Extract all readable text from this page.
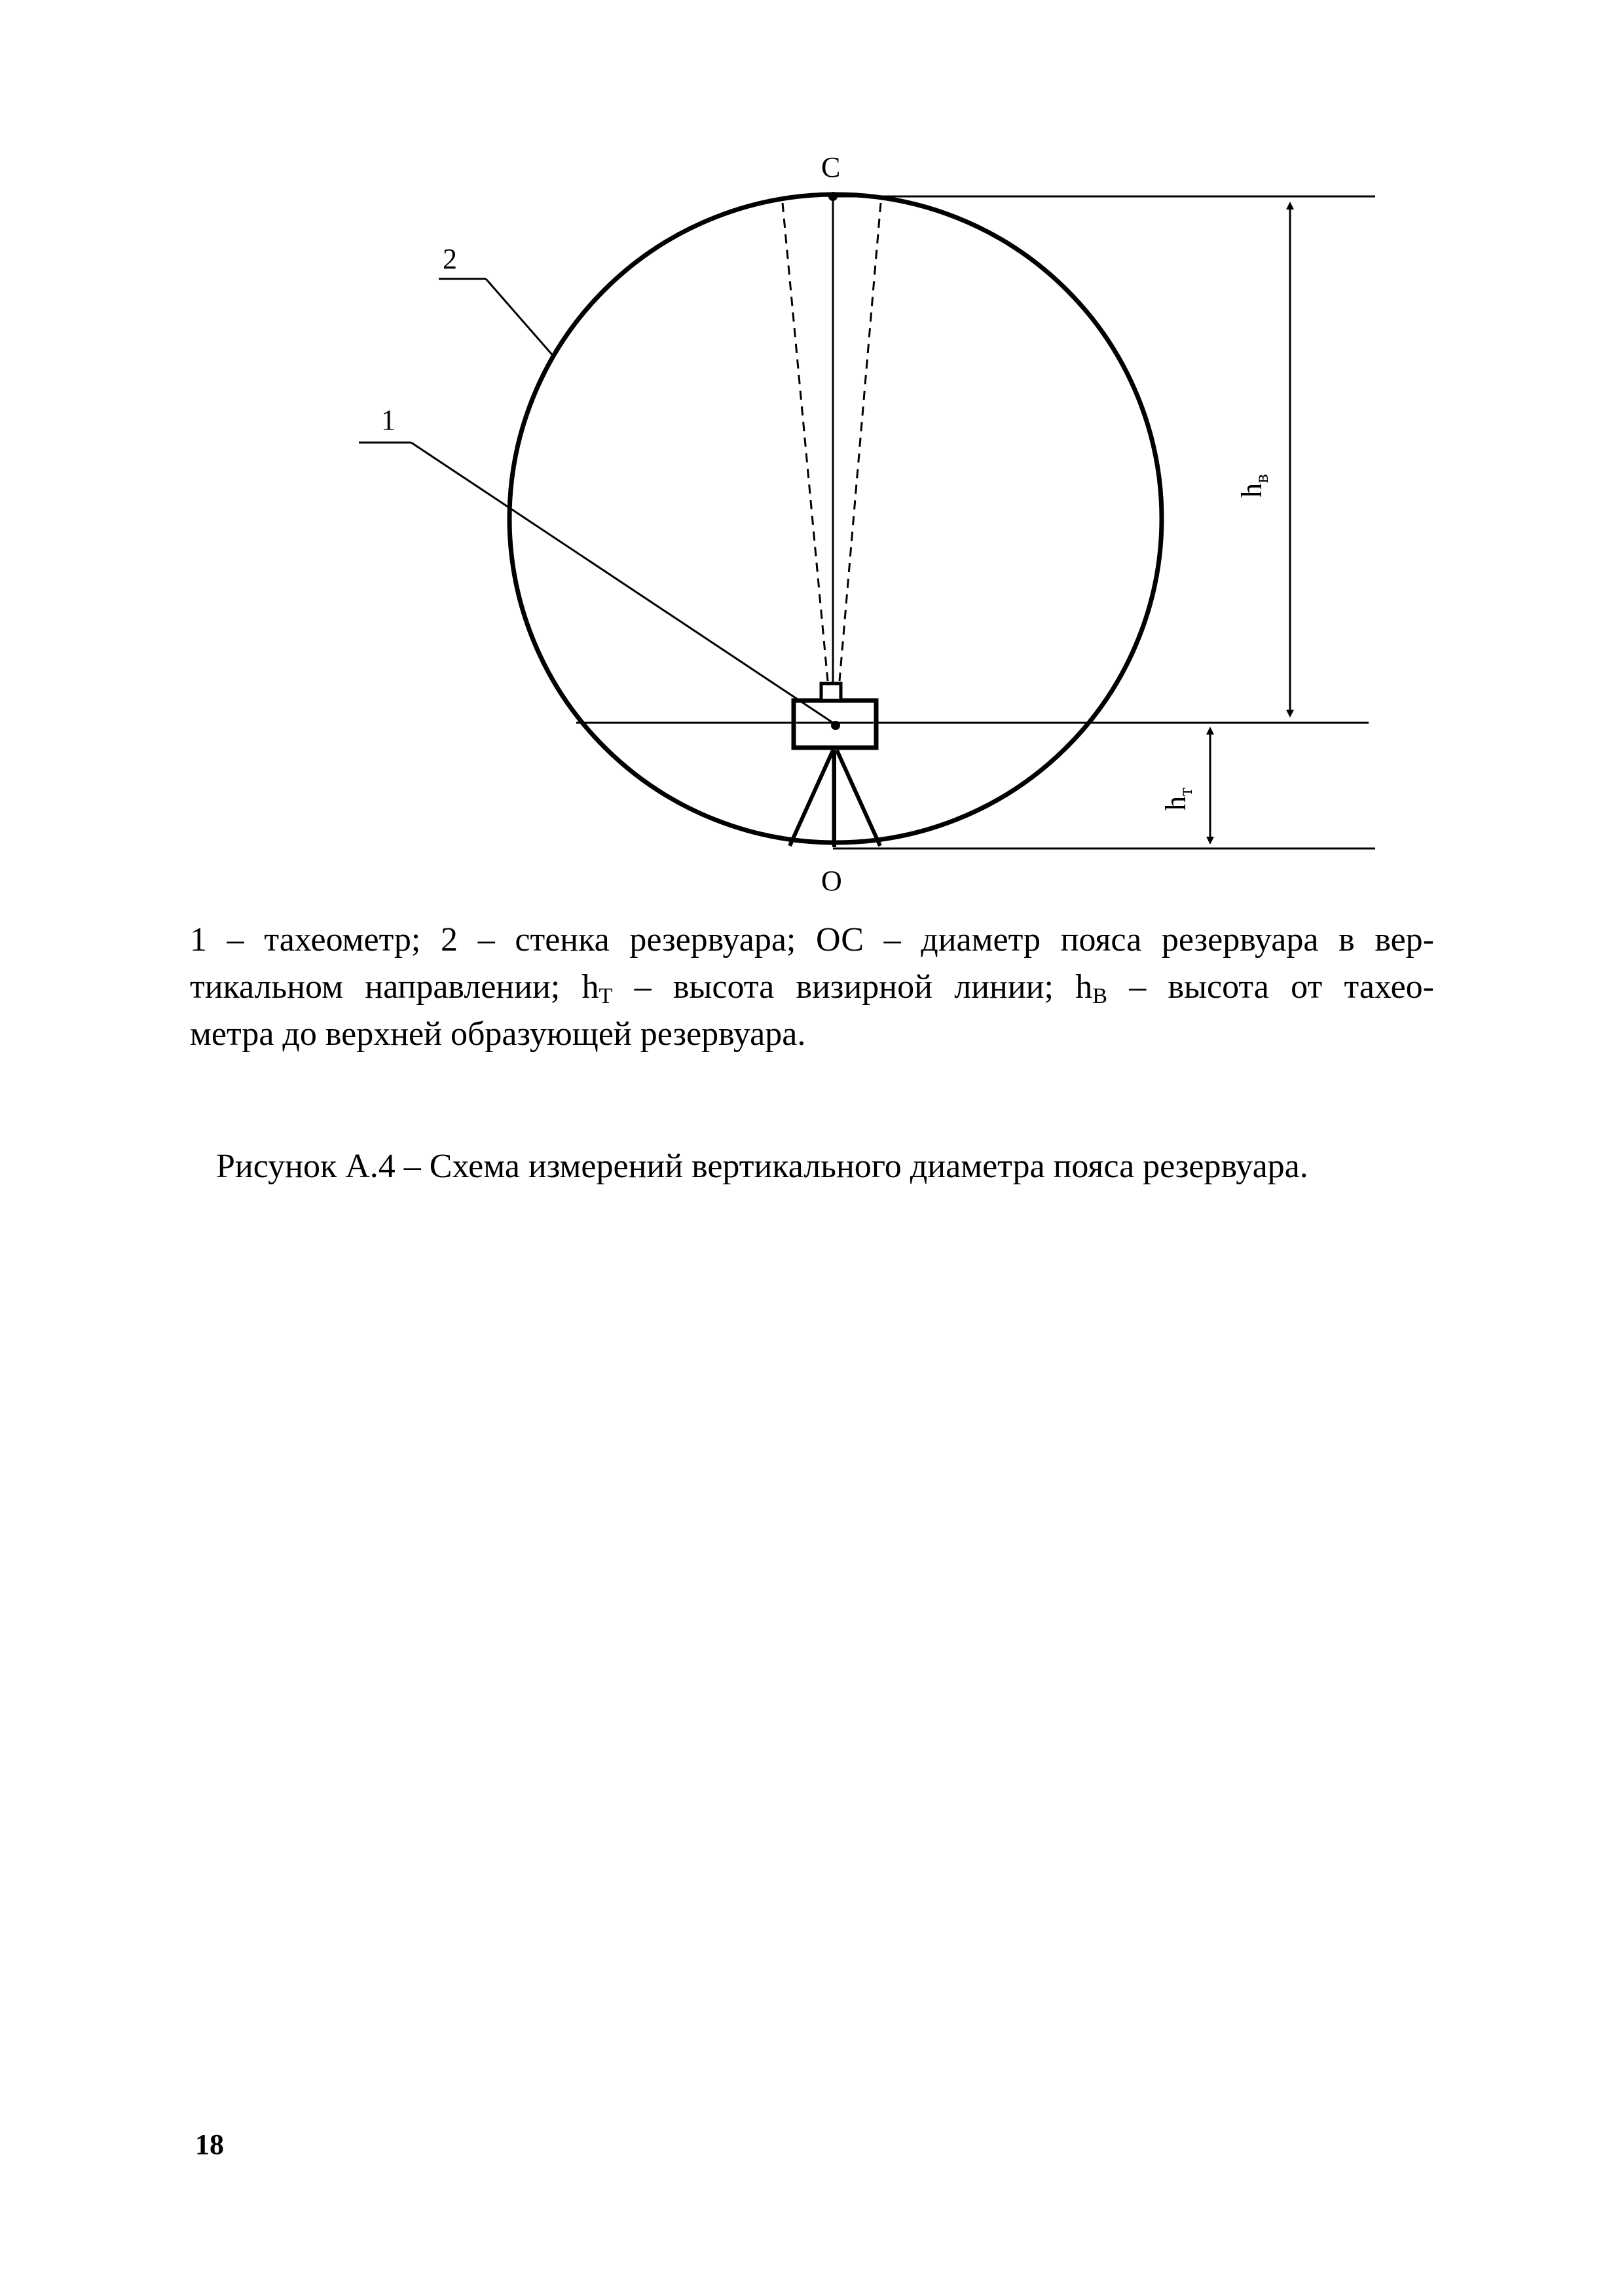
2
1
С
О
$h_в$
$h_т$
1 – тахеометр; 2 – стенка резервуара; ОС – диаметр пояса резервуара в вер-
тикальном направлении; $h_Т$ – высота визирной линии; $h_В$ – высота от тахео-
метра до верхней образующей резервуара.
Рисунок А.4 – Схема измерений вертикального диаметра пояса резервуара.
18
